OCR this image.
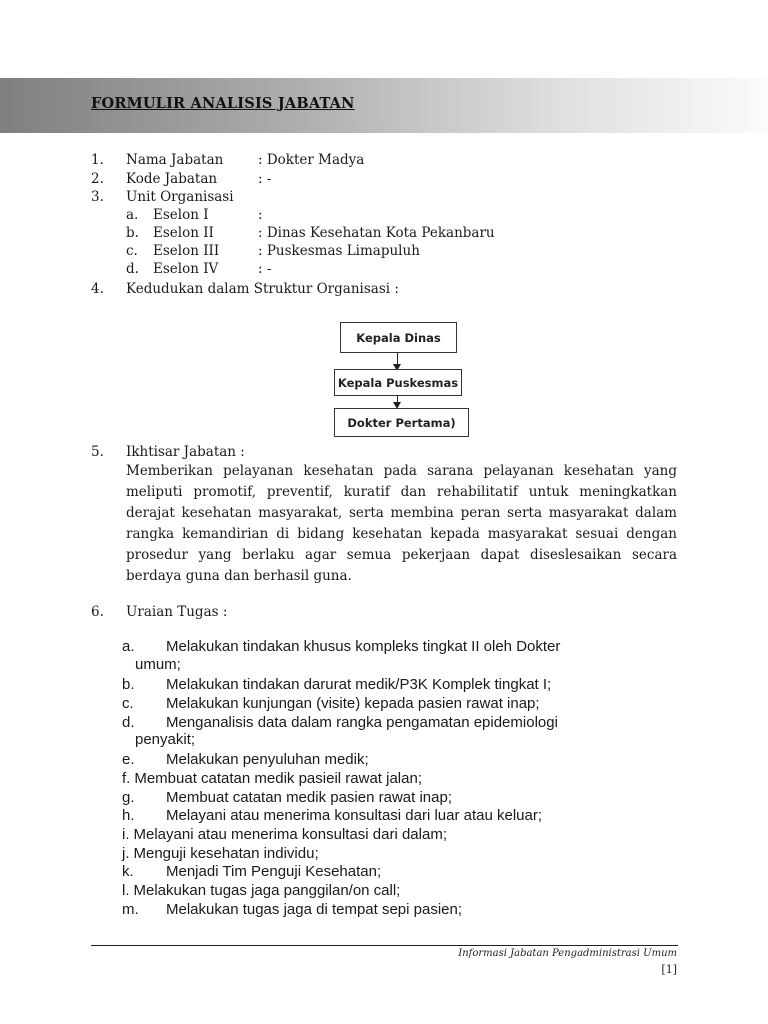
FORMULIR ANALISIS JABATAN
1. Nama Jabatan	: Dokter Madya
2. Kode Jabatan	: -
3. Unit Organisasi
a. Eselon I	:
b. Eselon II	: Dinas Kesehatan Kota Pekanbaru
c. Eselon III	: Puskesmas Limapuluh
d. Eselon IV	: -
4. Kedudukan dalam Struktur Organisasi :
Kepala Dinas
Kepala Puskesmas
Dokter Pertama)
5. Ikhtisar Jabatan :
Memberikan pelayanan kesehatan pada sarana pelayanan kesehatan yang meliputi promotif, preventif, kuratif dan rehabilitatif untuk meningkatkan derajat kesehatan masyarakat, serta membina peran serta masyarakat dalam rangka kemandirian di bidang kesehatan kepada masyarakat sesuai dengan prosedur yang berlaku agar semua pekerjaan dapat diseslesaikan secara berdaya guna dan berhasil guna.
6. Uraian Tugas :
a. Melakukan tindakan khusus kompleks tingkat II oleh Dokter
umum;
b. Melakukan tindakan darurat medik/P3K Komplek tingkat I;
c. Melakukan kunjungan (visite) kepada pasien rawat inap;
d. Menganalisis data dalam rangka pengamatan epidemiologi
penyakit;
e. Melakukan penyuluhan medik;
f. Membuat catatan medik pasieil rawat jalan;
g. Membuat catatan medik pasien rawat inap;
h. Melayani atau menerima konsultasi dari luar atau keluar;
i. Melayani atau menerima konsultasi dari dalam;
j. Menguji kesehatan individu;
k. Menjadi Tim Penguji Kesehatan;
l. Melakukan tugas jaga panggilan/on call;
m. Melakukan tugas jaga di tempat sepi pasien;
Informasi Jabatan Pengadministrasi Umum
[1]
